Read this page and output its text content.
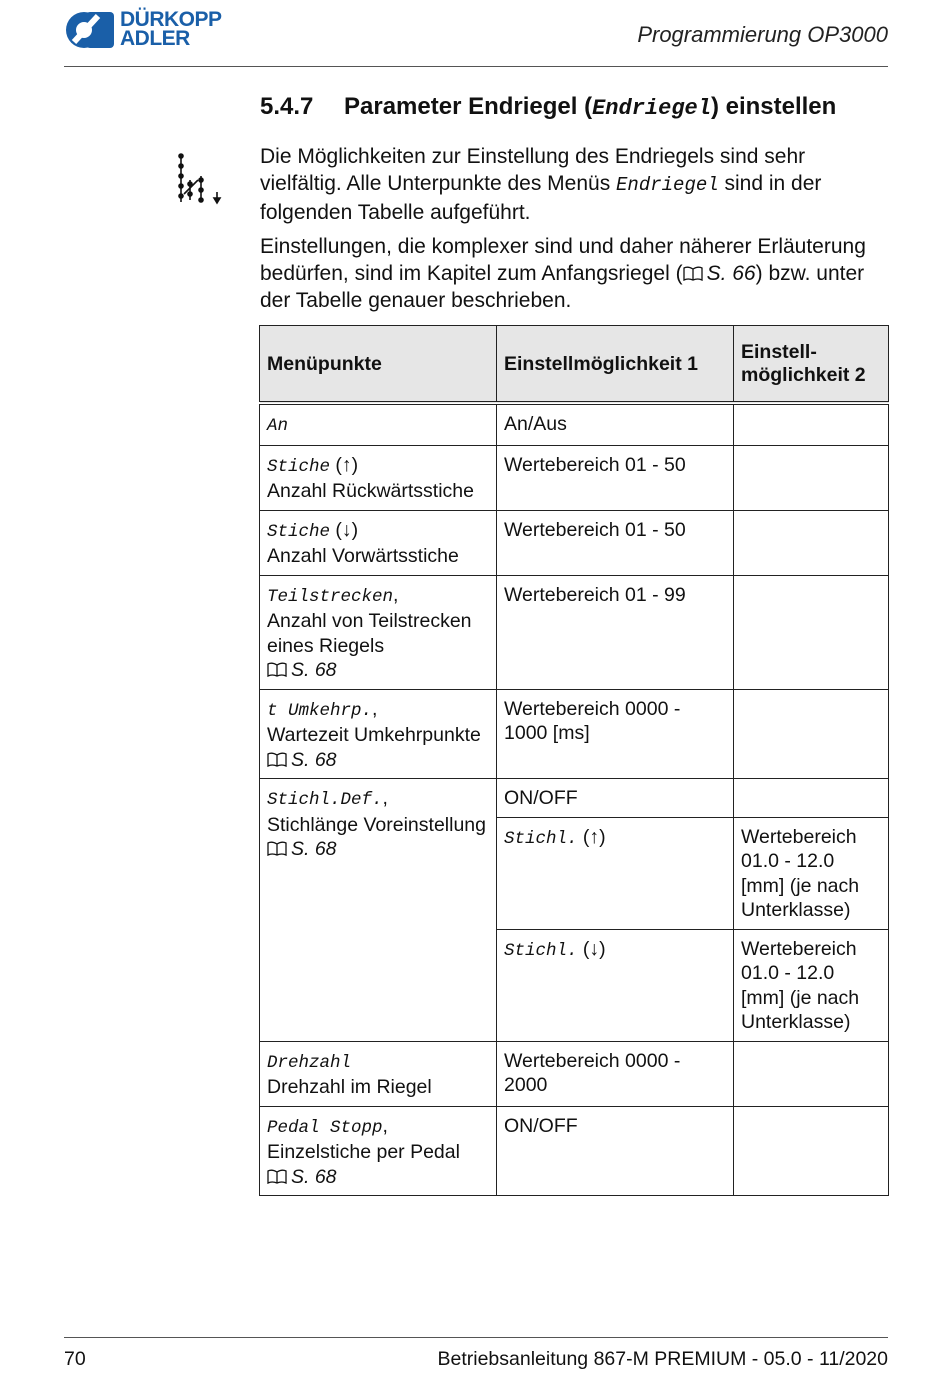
DÜRKOPP
ADLER	Programmierung OP3000
5.4.7 Parameter Endriegel (Endriegel) einstellen

Die Möglichkeiten zur Einstellung des Endriegels sind sehr vielfältig. Alle Unterpunkte des Menüs Endriegel sind in der folgenden Tabelle aufgeführt.

Einstellungen, die komplexer sind und daher näherer Erläuterung bedürfen, sind im Kapitel zum Anfangsriegel ( S. 66) bzw. unter der Tabelle genauer beschrieben.

Menüpunkte	Einstellmöglichkeit 1	Einstell-möglichkeit 2
An	An/Aus	
Stiche (↑)
Anzahl Rückwärtsstiche	Wertebereich 01 - 50	
Stiche (↓)
Anzahl Vorwärtsstiche	Wertebereich 01 - 50	
Teilstrecken,
Anzahl von Teilstrecken eines Riegels
S. 68	Wertebereich 01 - 99	
t Umkehrp.,
Wartezeit Umkehrpunkte
S. 68	Wertebereich 0000 - 1000 [ms]	
Stichl.Def.,
Stichlänge Voreinstellung
S. 68	ON/OFF	
	Stichl. (↑)	Wertebereich 01.0 - 12.0 [mm] (je nach Unterklasse)
	Stichl. (↓)	Wertebereich 01.0 - 12.0 [mm] (je nach Unterklasse)
Drehzahl
Drehzahl im Riegel	Wertebereich 0000 - 2000	
Pedal Stopp,
Einzelstiche per Pedal
S. 68	ON/OFF	
70	Betriebsanleitung 867-M PREMIUM - 05.0 - 11/2020
